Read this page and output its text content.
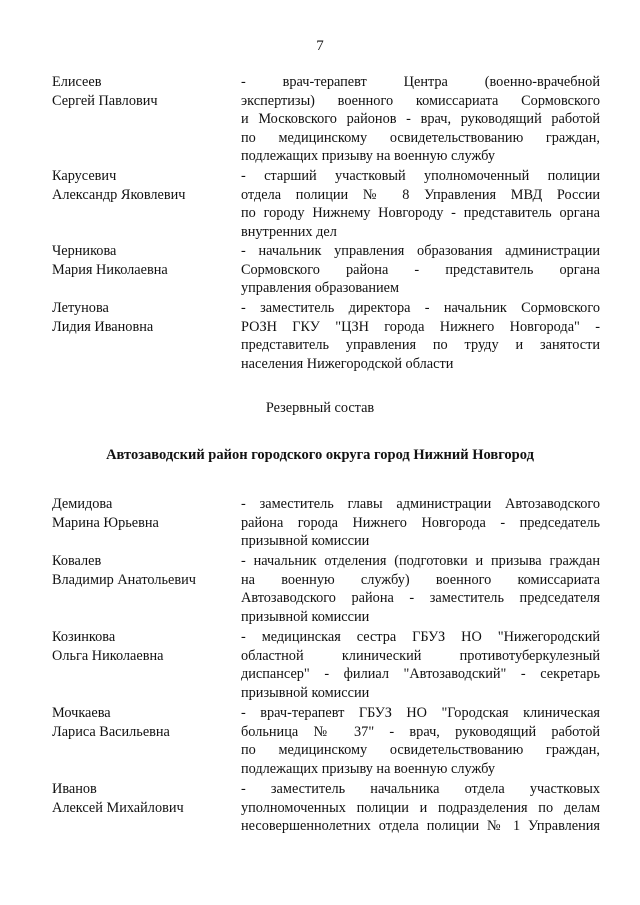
7
Елисеев
Сергей Павлович
- врач-терапевт Центра (военно-врачебной
экспертизы) военного комиссариата Сормовского
и Московского районов - врач, руководящий работой
по медицинскому освидетельствованию граждан,
подлежащих призыву на военную службу
Карусевич
Александр Яковлевич
- старший участковый уполномоченный полиции
отдела полиции № 8 Управления МВД России
по городу Нижнему Новгороду - представитель органа
внутренних дел
Черникова
Мария Николаевна
- начальник управления образования администрации
Сормовского района - представитель органа
управления образованием
Летунова
Лидия Ивановна
- заместитель директора - начальник Сормовского
РОЗН ГКУ "ЦЗН города Нижнего Новгорода" -
представитель управления по труду и занятости
населения Нижегородской области
Резервный состав
Автозаводский район городского округа город Нижний Новгород
Демидова
Марина Юрьевна
- заместитель главы администрации Автозаводского
района города Нижнего Новгорода - председатель
призывной комиссии
Ковалев
Владимир Анатольевич
- начальник отделения (подготовки и призыва граждан
на военную службу) военного комиссариата
Автозаводского района - заместитель председателя
призывной комиссии
Козинкова
Ольга Николаевна
- медицинская сестра ГБУЗ НО "Нижегородский
областной клинический противотуберкулезный
диспансер" - филиал "Автозаводский" - секретарь
призывной комиссии
Мочкаева
Лариса Васильевна
- врач-терапевт ГБУЗ НО "Городская клиническая
больница № 37" - врач, руководящий работой
по медицинскому освидетельствованию граждан,
подлежащих призыву на военную службу
Иванов
Алексей Михайлович
- заместитель начальника отдела участковых
уполномоченных полиции и подразделения по делам
несовершеннолетних отдела полиции № 1 Управления
